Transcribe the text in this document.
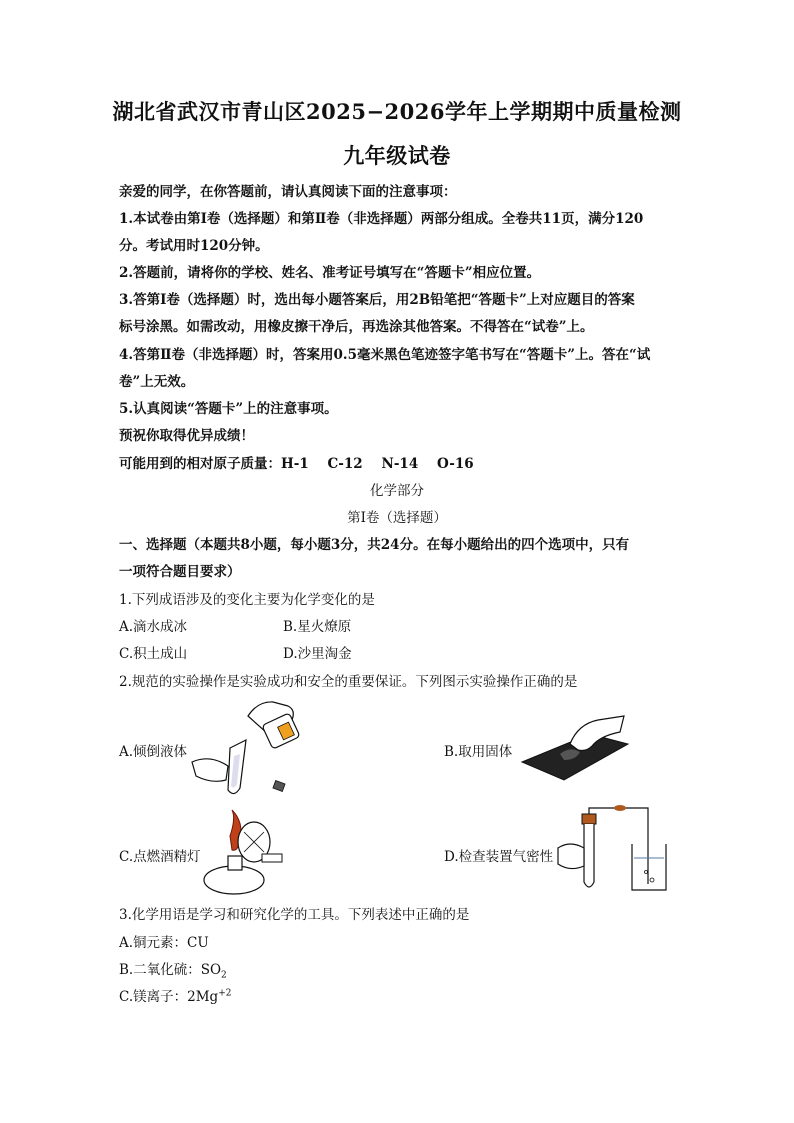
湖北省武汉市青山区2025−2026学年上学期期中质量检测
九年级试卷
亲爱的同学，在你答题前，请认真阅读下面的注意事项：
1.本试卷由第Ⅰ卷（选择题）和第Ⅱ卷（非选择题）两部分组成。全卷共11页，满分120
分。考试用时120分钟。
2.答题前，请将你的学校、姓名、准考证号填写在“答题卡”相应位置。
3.答第Ⅰ卷（选择题）时，选出每小题答案后，用2B铅笔把“答题卡”上对应题目的答案
标号涂黑。如需改动，用橡皮擦干净后，再选涂其他答案。不得答在“试卷”上。
4.答第Ⅱ卷（非选择题）时，答案用0.5毫米黑色笔迹签字笔书写在“答题卡”上。答在“试
卷”上无效。
5.认真阅读“答题卡”上的注意事项。
预祝你取得优异成绩！
可能用到的相对原子质量：H-1    C-12    N-14    O-16
化学部分
第Ⅰ卷（选择题）
一、选择题（本题共8小题，每小题3分，共24分。在每小题给出的四个选项中，只有
一项符合题目要求）
1.下列成语涉及的变化主要为化学变化的是
A.滴水成冰	B.星火燎原
C.积土成山	D.沙里淘金
2.规范的实验操作是实验成功和安全的重要保证。下列图示实验操作正确的是
A.倾倒液体	B.取用固体
C.点燃酒精灯	D.检查装置气密性
3.化学用语是学习和研究化学的工具。下列表述中正确的是
A.铜元素：CU
B.二氧化硫：$SO_2$
C.镁离子：$2Mg^{+2}$
